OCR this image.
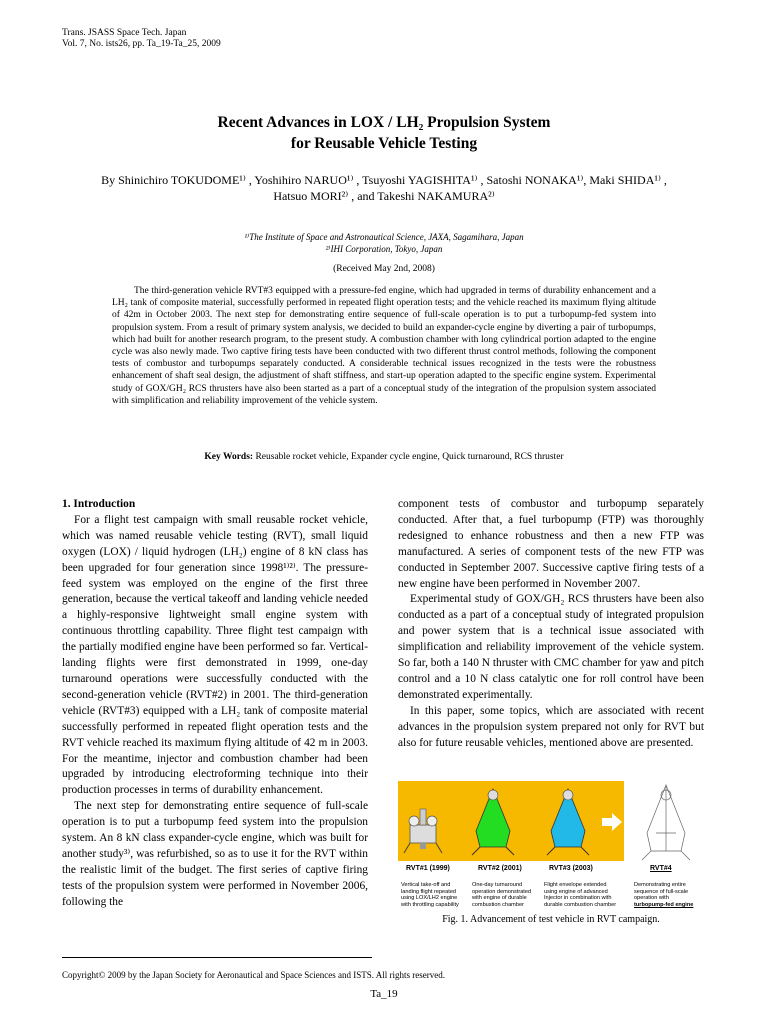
Trans. JSASS Space Tech. Japan
Vol. 7, No. ists26, pp. Ta_19-Ta_25, 2009
Recent Advances in LOX / LH₂ Propulsion System
for Reusable Vehicle Testing
By Shinichiro TOKUDOME¹⁾ , Yoshihiro NARUO¹⁾ , Tsuyoshi YAGISHITA¹⁾ , Satoshi NONAKA¹⁾, Maki SHIDA¹⁾ ,
Hatsuo MORI²⁾ , and Takeshi NAKAMURA²⁾
¹⁾The Institute of Space and Astronautical Science, JAXA, Sagamihara, Japan
²⁾IHI Corporation, Tokyo, Japan
(Received May 2nd, 2008)
The third-generation vehicle RVT#3 equipped with a pressure-fed engine, which had upgraded in terms of durability enhancement and a LH₂ tank of composite material, successfully performed in repeated flight operation tests; and the vehicle reached its maximum flying altitude of 42m in October 2003. The next step for demonstrating entire sequence of full-scale operation is to put a turbopump-fed system into propulsion system. From a result of primary system analysis, we decided to build an expander-cycle engine by diverting a pair of turbopumps, which had built for another research program, to the present study. A combustion chamber with long cylindrical portion adapted to the engine cycle was also newly made. Two captive firing tests have been conducted with two different thrust control methods, following the component tests of combustor and turbopumps separately conducted. A considerable technical issues recognized in the tests were the robustness enhancement of shaft seal design, the adjustment of shaft stiffness, and start-up operation adapted to the specific engine system. Experimental study of GOX/GH₂ RCS thrusters have also been started as a part of a conceptual study of the integration of the propulsion system associated with simplification and reliability improvement of the vehicle system.
Key Words: Reusable rocket vehicle, Expander cycle engine, Quick turnaround, RCS thruster

1. Introduction

For a flight test campaign with small reusable rocket vehicle, which was named reusable vehicle testing (RVT), small liquid oxygen (LOX) / liquid hydrogen (LH₂) engine of 8 kN class has been upgraded for four generation since 1998¹⁾²⁾. The pressure-feed system was employed on the engine of the first three generation, because the vertical takeoff and landing vehicle needed a highly-responsive lightweight small engine system with continuous throttling capability. Three flight test campaign with the partially modified engine have been performed so far. Vertical-landing flights were first demonstrated in 1999, one-day turnaround operations were successfully conducted with the second-generation vehicle (RVT#2) in 2001. The third-generation vehicle (RVT#3) equipped with a LH₂ tank of composite material successfully performed in repeated flight operation tests and the RVT vehicle reached its maximum flying altitude of 42 m in 2003. For the meantime, injector and combustion chamber had been upgraded by introducing electroforming technique into their production processes in terms of durability enhancement.

The next step for demonstrating entire sequence of full-scale operation is to put a turbopump feed system into the propulsion system. An 8 kN class expander-cycle engine, which was built for another study³⁾, was refurbished, so as to use it for the RVT within the realistic limit of the budget. The first series of captive firing tests of the propulsion system were performed in November 2006, following the

component tests of combustor and turbopump separately conducted. After that, a fuel turbopump (FTP) was thoroughly redesigned to enhance robustness and then a new FTP was manufactured. A series of component tests of the new FTP was conducted in September 2007. Successive captive firing tests of a new engine have been performed in November 2007.

Experimental study of GOX/GH₂ RCS thrusters have been also conducted as a part of a conceptual study of integrated propulsion and power system that is a technical issue associated with simplification and reliability improvement of the vehicle system. So far, both a 140 N thruster with CMC chamber for yaw and pitch control and a 10 N class catalytic one for roll control have been demonstrated experimentally.

In this paper, some topics, which are associated with recent advances in the propulsion system prepared not only for RVT but also for future reusable vehicles, mentioned above are presented.

RVT#1 (1999)	RVT#2 (2001)	RVT#3 (2003)	RVT#4
Vertical take-off and
landing flight repeated
using LOX/LH2 engine
with throttling capability
One-day turnaround
operation demonstrated
with engine of durable
combustion chamber
Flight envelope extended
using engine of advanced
Injector in combination with
durable combustion chamber
Demonstrating entire
sequence of full-scale
operation with
turbopump-fed engine
Fig. 1. Advancement of test vehicle in RVT campaign.
Copyright© 2009 by the Japan Society for Aeronautical and Space Sciences and ISTS. All rights reserved.
Ta_19
